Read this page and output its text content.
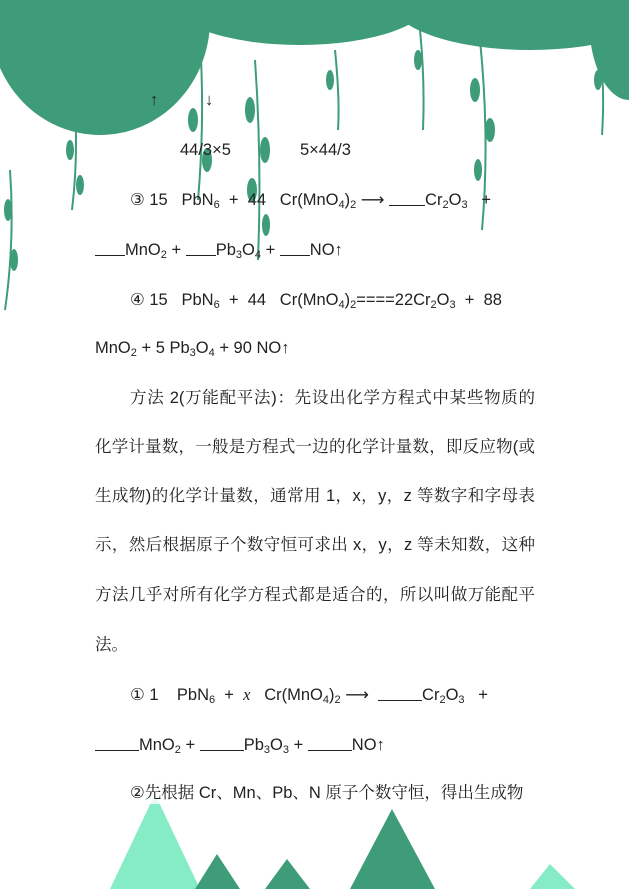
↑	↓
44/3×5	5×44/3
③ 15   PbN$_6$  +  44   $Cr(MnO_4)_2$ ⟶ $Cr_2O_3$   +
$MnO_2 + Pb_3O_4$ + NO↑
④ 15   PbN$_6$  +  44   $Cr(MnO_4)_2====22Cr_2O_3 + 88$
MnO$_2$ + 5 $Pb_3O_4 + 90$ NO↑
方法 2(万能配平法)：先设出化学方程式中某些物质的
化学计量数，一般是方程式一边的化学计量数，即反应物(或
生成物)的化学计量数，通常用 1，x，y，z 等数字和字母表
示，然后根据原子个数守恒可求出 x，y，z 等未知数，这种
方法几乎对所有化学方程式都是适合的，所以叫做万能配平
法。
① 1    PbN$_6$  +  x   $Cr(MnO_4)_2$ ⟶	$Cr_2O_3$   +
MnO$_2$ +	$Pb_3O_3$ +	NO↑
②先根据 Cr、Mn、Pb、N 原子个数守恒，得出生成物
